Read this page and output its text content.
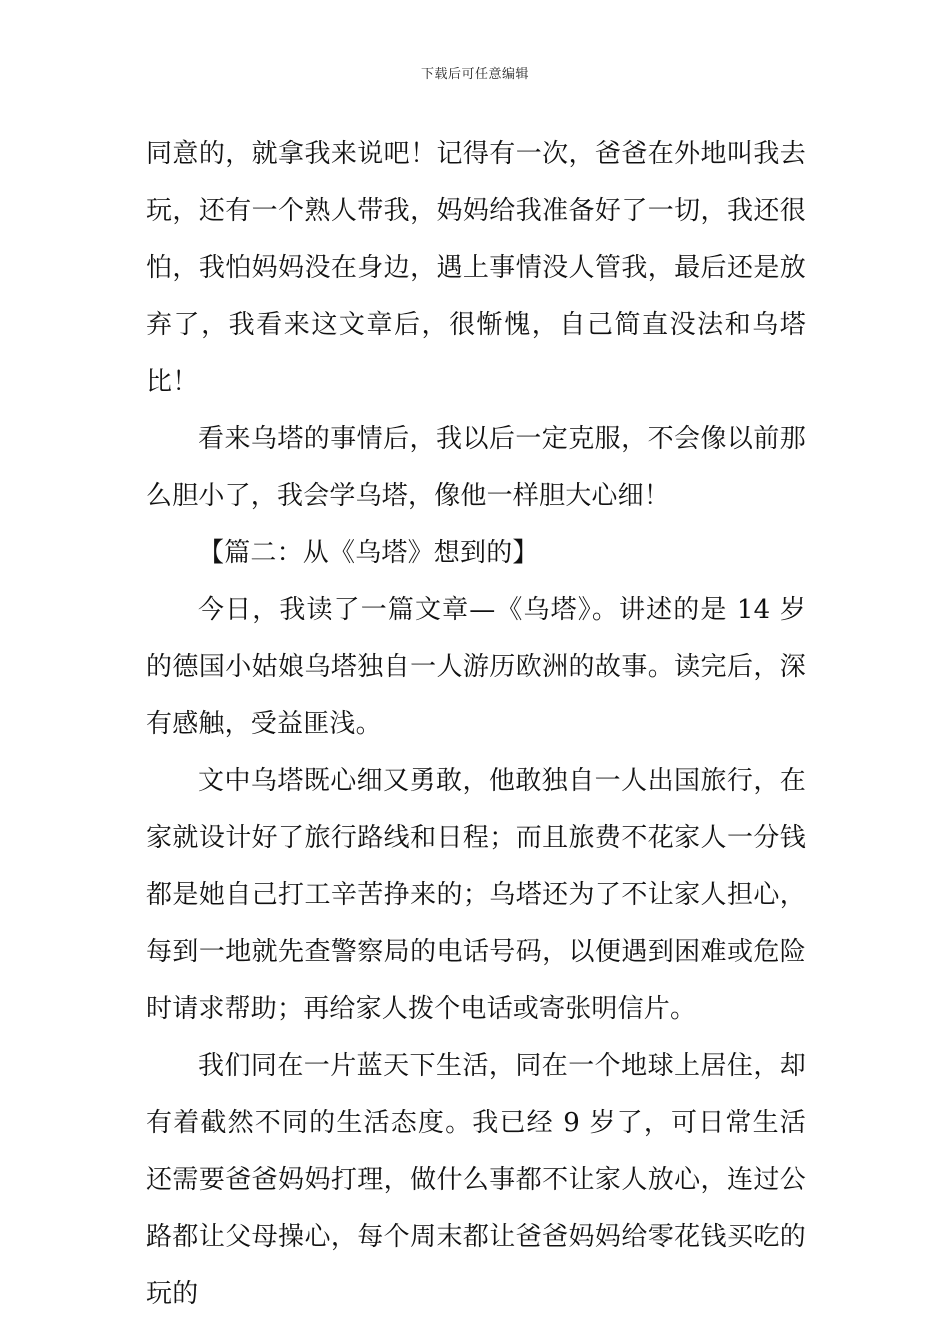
下载后可任意编辑

同意的，就拿我来说吧！记得有一次，爸爸在外地叫我去玩，还有一个熟人带我，妈妈给我准备好了一切，我还很怕，我怕妈妈没在身边，遇上事情没人管我，最后还是放弃了，我看来这文章后，很惭愧，自己简直没法和乌塔比！

看来乌塔的事情后，我以后一定克服，不会像以前那么胆小了，我会学乌塔，像他一样胆大心细！

【篇二：从《乌塔》想到的】

今日，我读了一篇文章—《乌塔》。讲述的是 14 岁的德国小姑娘乌塔独自一人游历欧洲的故事。读完后，深有感触，受益匪浅。

文中乌塔既心细又勇敢，他敢独自一人出国旅行，在家就设计好了旅行路线和日程；而且旅费不花家人一分钱都是她自己打工辛苦挣来的；乌塔还为了不让家人担心，每到一地就先查警察局的电话号码，以便遇到困难或危险时请求帮助；再给家人拨个电话或寄张明信片。

我们同在一片蓝天下生活，同在一个地球上居住，却有着截然不同的生活态度。我已经 9 岁了，可日常生活还需要爸爸妈妈打理，做什么事都不让家人放心，连过公路都让父母操心，每个周末都让爸爸妈妈给零花钱买吃的玩的
